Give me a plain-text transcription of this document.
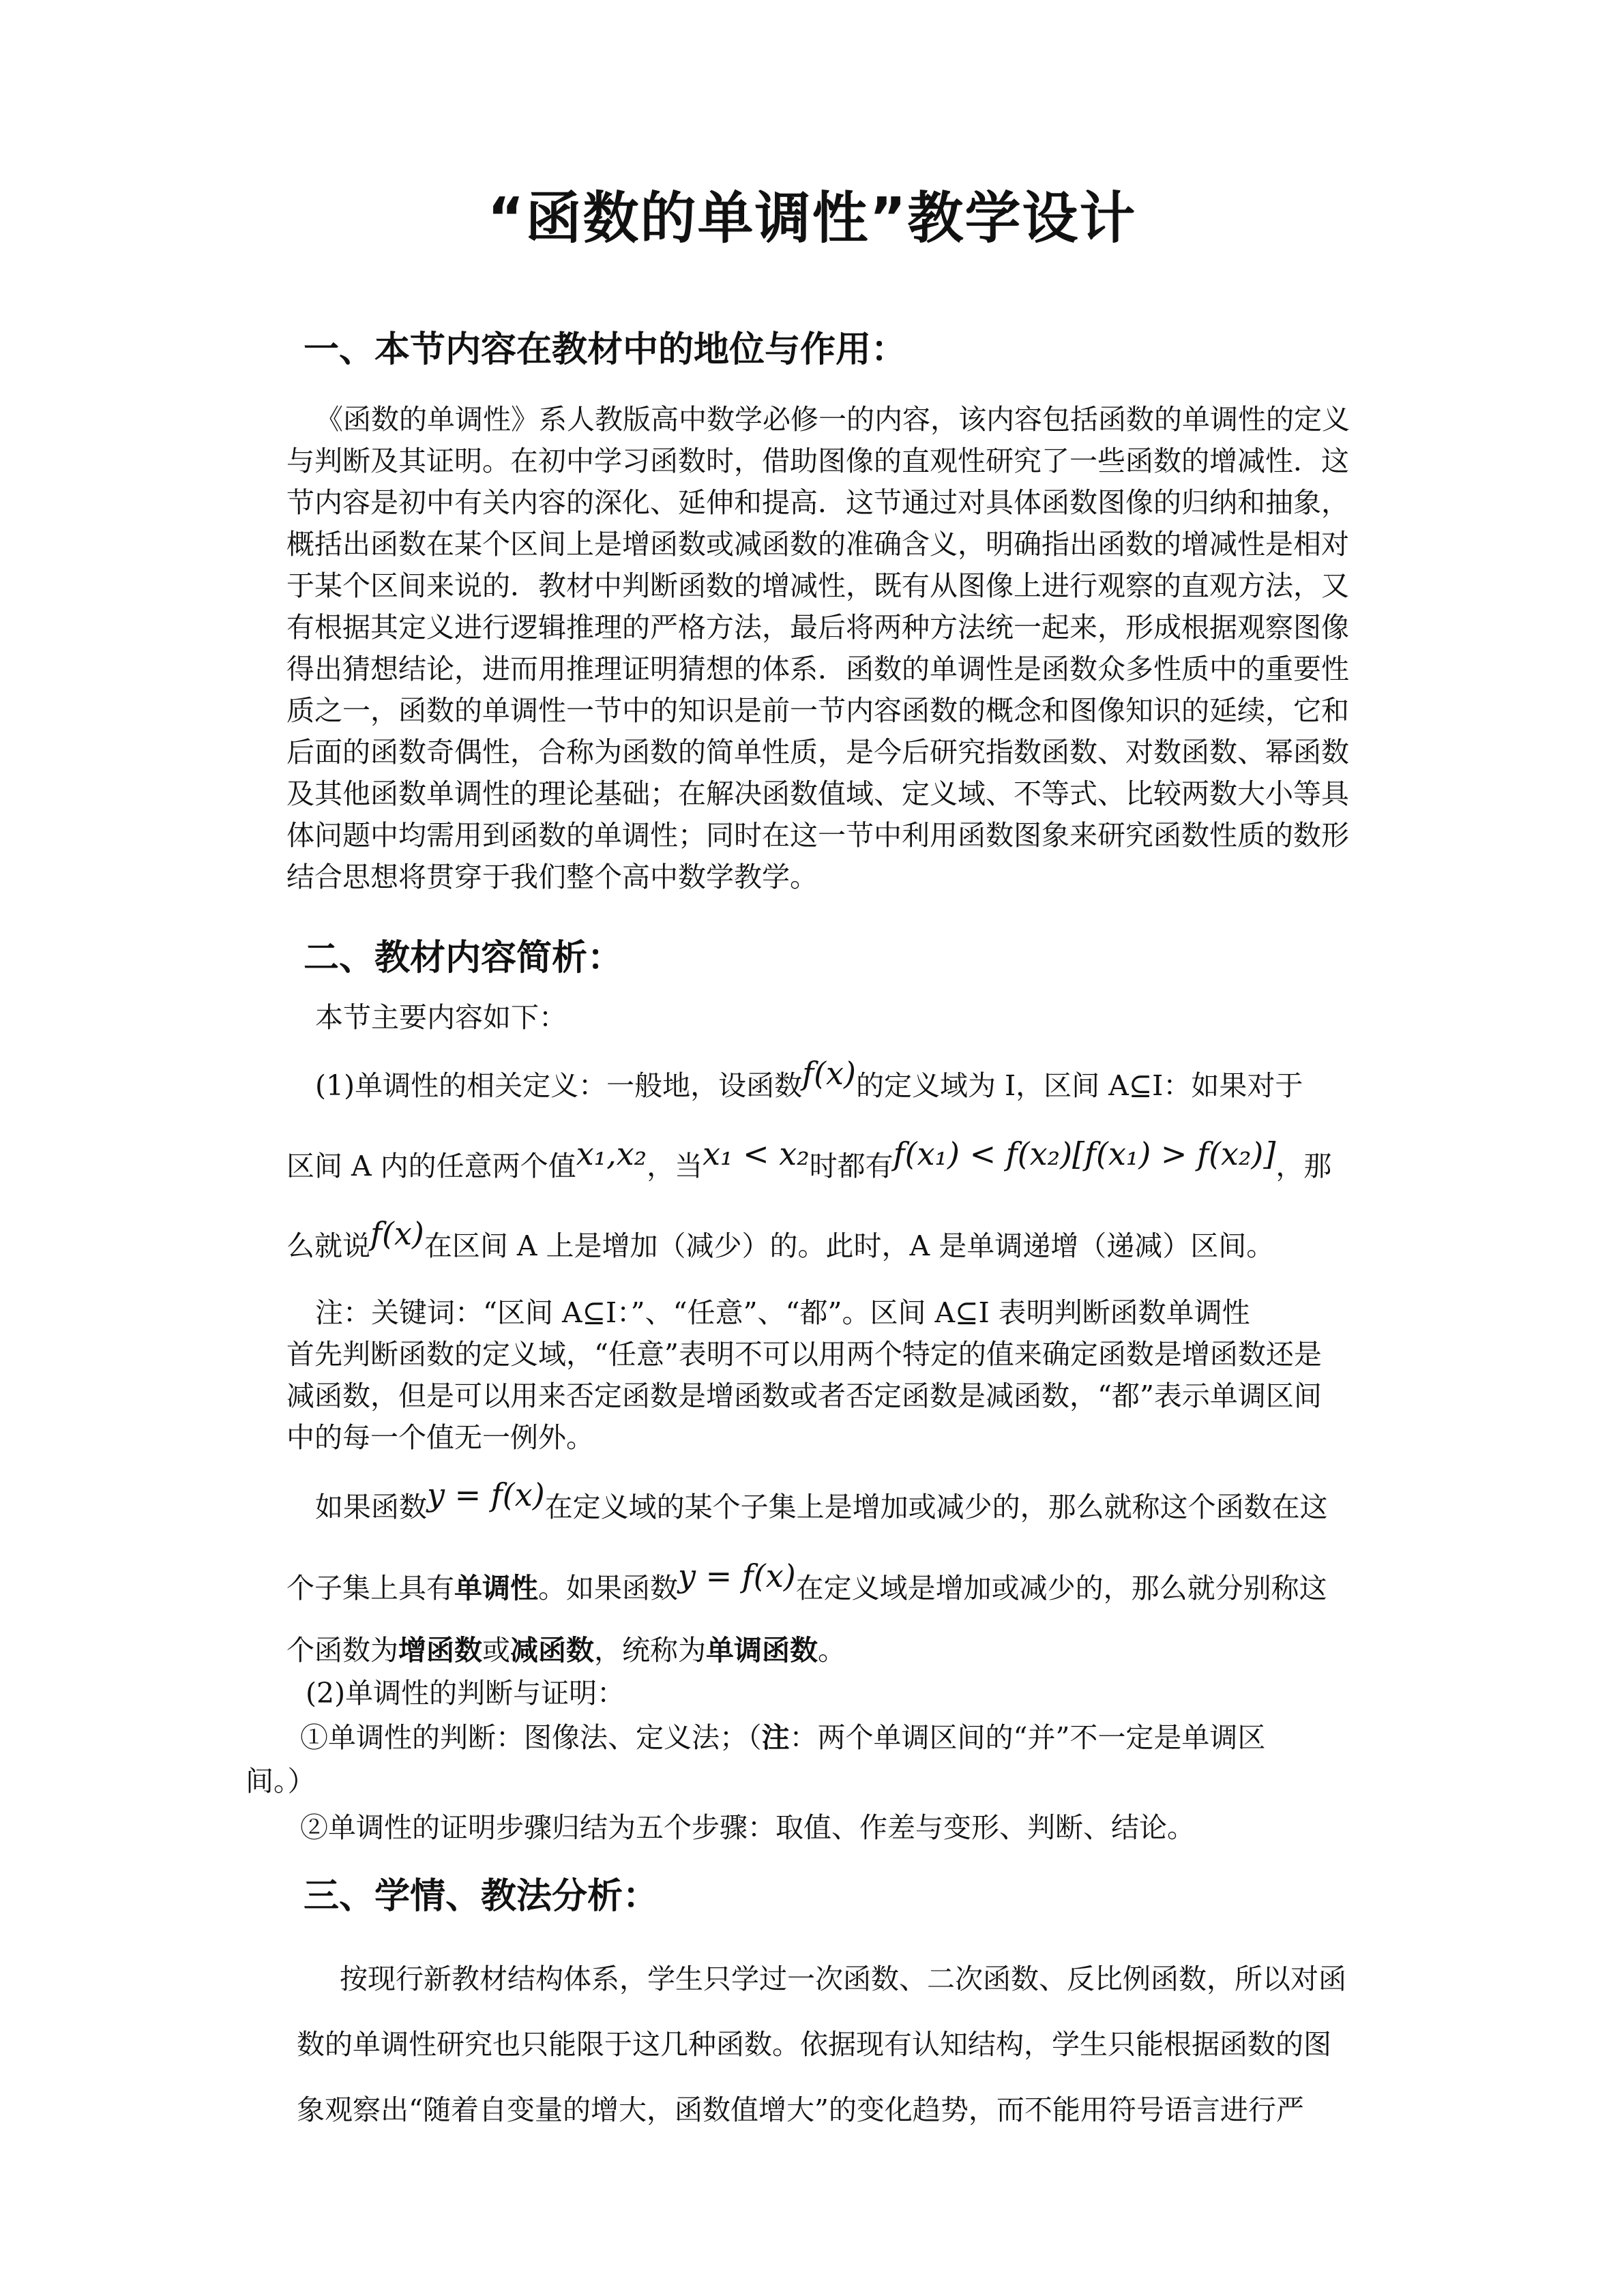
“函数的单调性”教学设计
一、本节内容在教材中的地位与作用：
《函数的单调性》系人教版高中数学必修一的内容，该内容包括函数的单调性的定义
与判断及其证明。在初中学习函数时，借助图像的直观性研究了一些函数的增减性．这
节内容是初中有关内容的深化、延伸和提高．这节通过对具体函数图像的归纳和抽象，
概括出函数在某个区间上是增函数或减函数的准确含义，明确指出函数的增减性是相对
于某个区间来说的．教材中判断函数的增减性，既有从图像上进行观察的直观方法，又
有根据其定义进行逻辑推理的严格方法，最后将两种方法统一起来，形成根据观察图像
得出猜想结论，进而用推理证明猜想的体系．函数的单调性是函数众多性质中的重要性
质之一，函数的单调性一节中的知识是前一节内容函数的概念和图像知识的延续，它和
后面的函数奇偶性，合称为函数的简单性质，是今后研究指数函数、对数函数、幂函数
及其他函数单调性的理论基础；在解决函数值域、定义域、不等式、比较两数大小等具
体问题中均需用到函数的单调性；同时在这一节中利用函数图象来研究函数性质的数形
结合思想将贯穿于我们整个高中数学教学。
二、教材内容简析：
本节主要内容如下：
(1)单调性的相关定义：一般地，设函数f(x)的定义域为 I，区间 A⊆I：如果对于
区间 A 内的任意两个值x₁,x₂，当x₁ < x₂时都有f(x₁) < f(x₂)[f(x₁) > f(x₂)]，那
么就说f(x)在区间 A 上是增加（减少）的。此时，A 是单调递增（递减）区间。
注：关键词：“区间 A⊆I：”、“任意”、“都”。区间 A⊆I 表明判断函数单调性
首先判断函数的定义域，“任意”表明不可以用两个特定的值来确定函数是增函数还是
减函数，但是可以用来否定函数是增函数或者否定函数是减函数，“都”表示单调区间
中的每一个值无一例外。
如果函数y = f(x)在定义域的某个子集上是增加或减少的，那么就称这个函数在这
个子集上具有单调性。如果函数y = f(x)在定义域是增加或减少的，那么就分别称这
个函数为增函数或减函数，统称为单调函数。
(2)单调性的判断与证明：
①单调性的判断：图像法、定义法；（注：两个单调区间的“并”不一定是单调区
间。）
②单调性的证明步骤归结为五个步骤：取值、作差与变形、判断、结论。
三、学情、教法分析：
按现行新教材结构体系，学生只学过一次函数、二次函数、反比例函数，所以对函
数的单调性研究也只能限于这几种函数。依据现有认知结构，学生只能根据函数的图
象观察出“随着自变量的增大，函数值增大”的变化趋势，而不能用符号语言进行严
